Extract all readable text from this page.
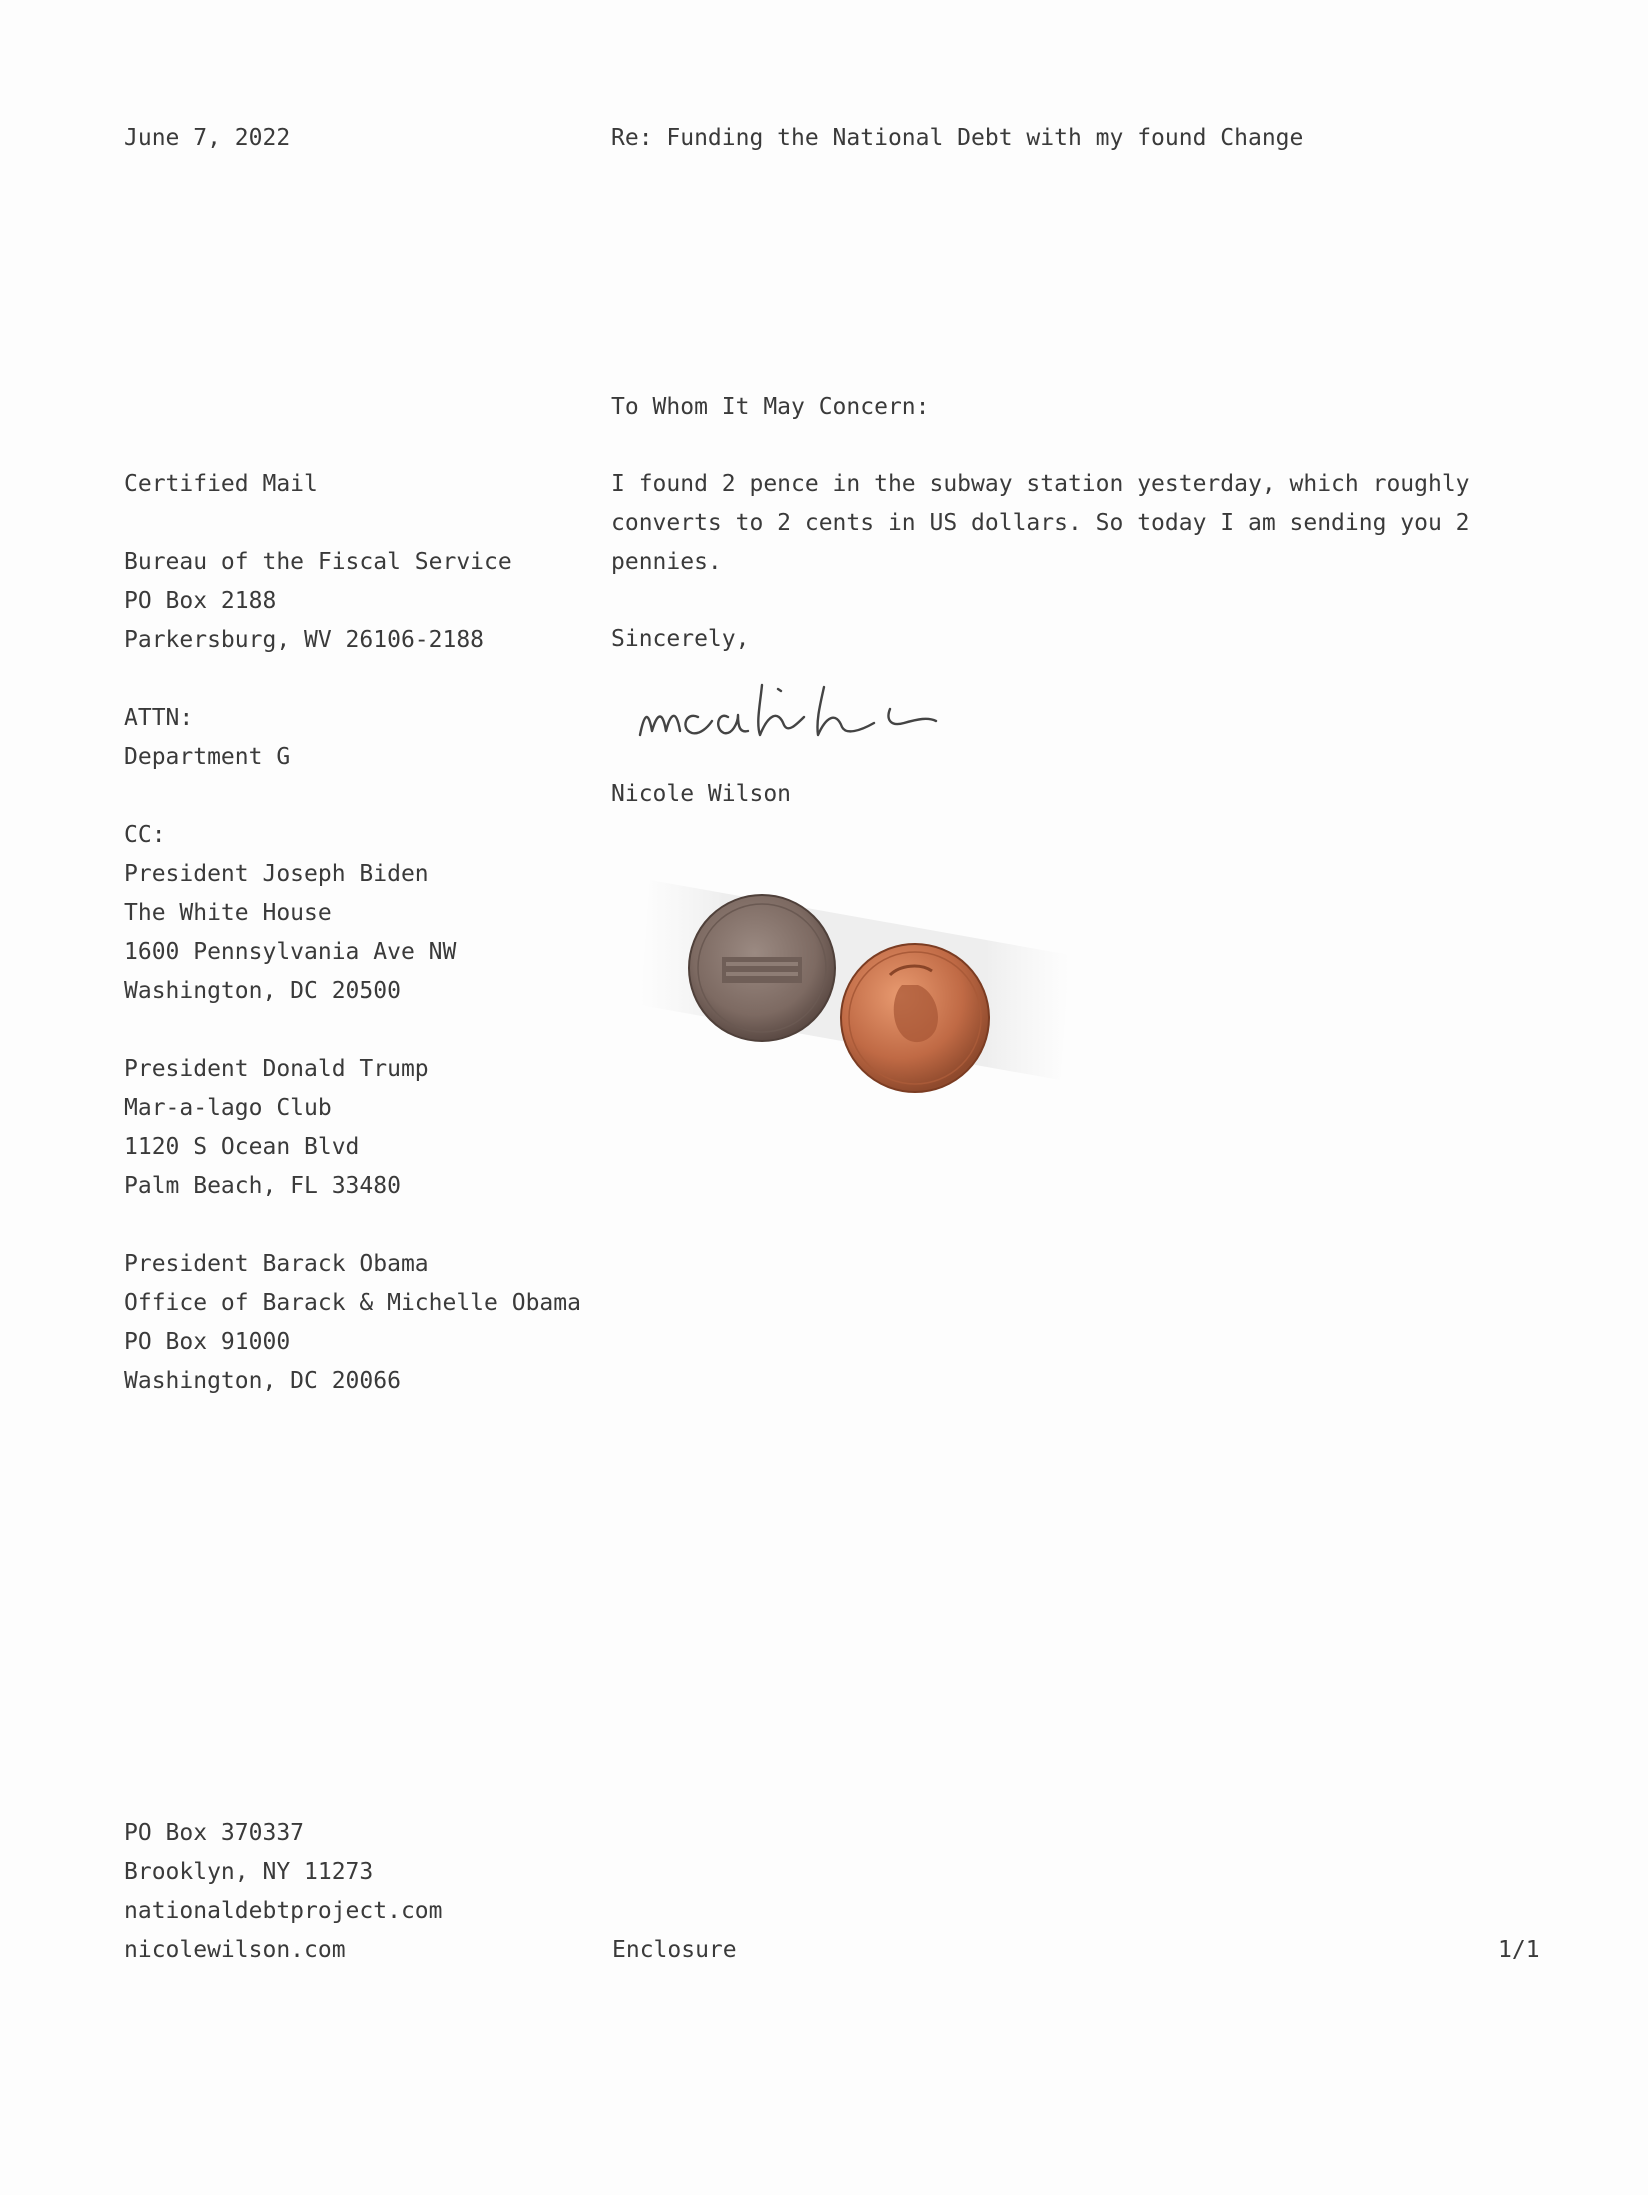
June 7, 2022	Re: Funding the National Debt with my found Change
To Whom It May Concern:
I found 2 pence in the subway station yesterday, which roughly
converts to 2 cents in US dollars. So today I am sending you 2
pennies.
Sincerely,
Nicole Wilson
Certified Mail
Bureau of the Fiscal Service
PO Box 2188
Parkersburg, WV 26106-2188
ATTN:
Department G
CC:
President Joseph Biden
The White House
1600 Pennsylvania Ave NW
Washington, DC 20500
President Donald Trump
Mar-a-lago Club
1120 S Ocean Blvd
Palm Beach, FL 33480
President Barack Obama
Office of Barack & Michelle Obama
PO Box 91000
Washington, DC 20066
PO Box 370337
Brooklyn, NY 11273
nationaldebtproject.com
nicolewilson.com	Enclosure	1/1
